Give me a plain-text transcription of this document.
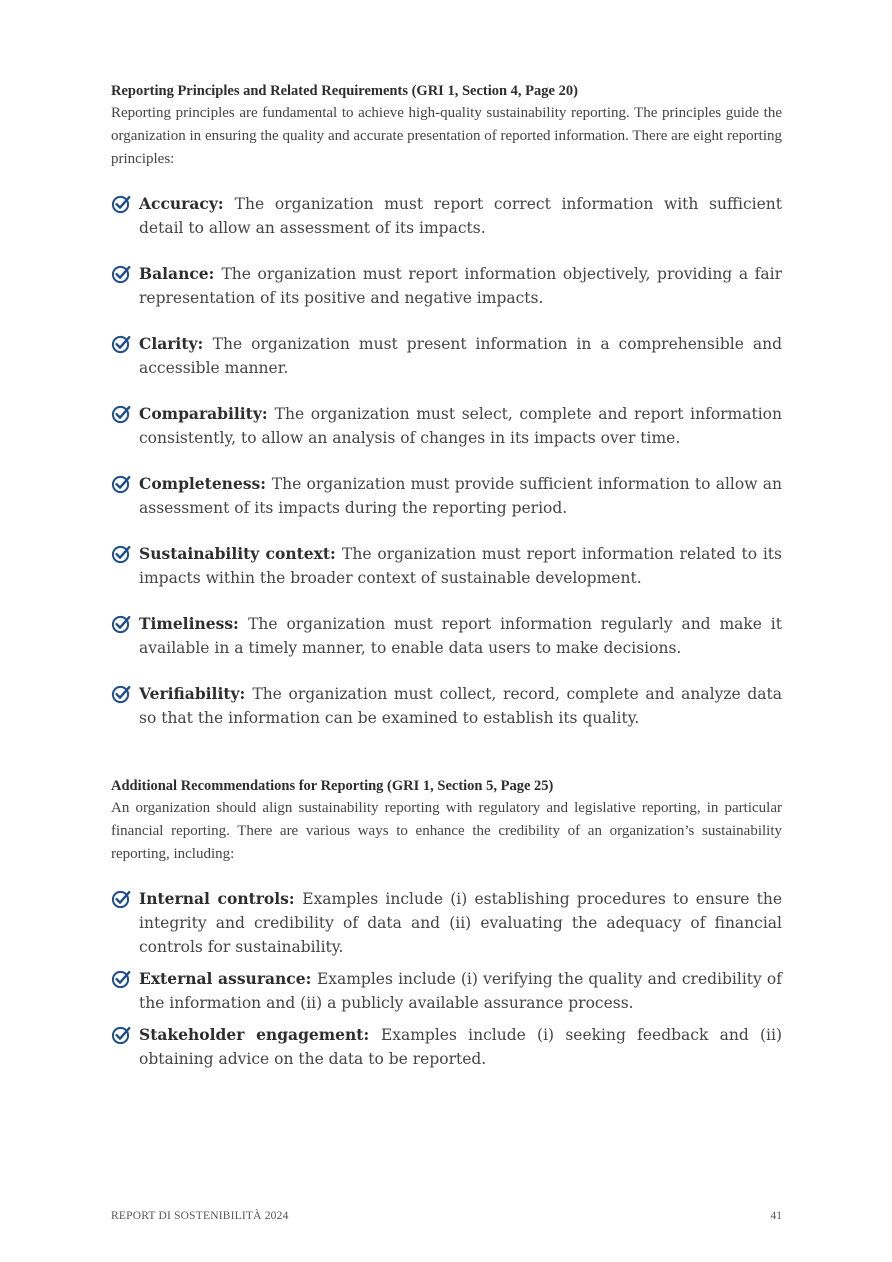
Reporting Principles and Related Requirements (GRI 1, Section 4, Page 20)

Reporting principles are fundamental to achieve high-quality sustainability reporting. The principles guide the organization in ensuring the quality and accurate presentation of reported information. There are eight reporting principles:

Accuracy: The organization must report correct information with sufficient detail to allow an assessment of its impacts.
Balance: The organization must report information objectively, providing a fair representation of its positive and negative impacts.
Clarity: The organization must present information in a comprehensible and accessible manner.
Comparability: The organization must select, complete and report information consistently, to allow an analysis of changes in its impacts over time.
Completeness: The organization must provide sufficient information to allow an assessment of its impacts during the reporting period.
Sustainability context: The organization must report information related to its impacts within the broader context of sustainable development.
Timeliness: The organization must report information regularly and make it available in a timely manner, to enable data users to make decisions.
Verifiability: The organization must collect, record, complete and analyze data so that the information can be examined to establish its quality.
Additional Recommendations for Reporting (GRI 1, Section 5, Page 25)

An organization should align sustainability reporting with regulatory and legislative reporting, in particular financial reporting. There are various ways to enhance the credibility of an organization’s sustainability reporting, including:

Internal controls: Examples include (i) establishing procedures to ensure the integrity and credibility of data and (ii) evaluating the adequacy of financial controls for sustainability.
External assurance: Examples include (i) verifying the quality and credibility of the information and (ii) a publicly available assurance process.
Stakeholder engagement: Examples include (i) seeking feedback and (ii) obtaining advice on the data to be reported.
REPORT DI SOSTENIBILITÀ 2024	41
